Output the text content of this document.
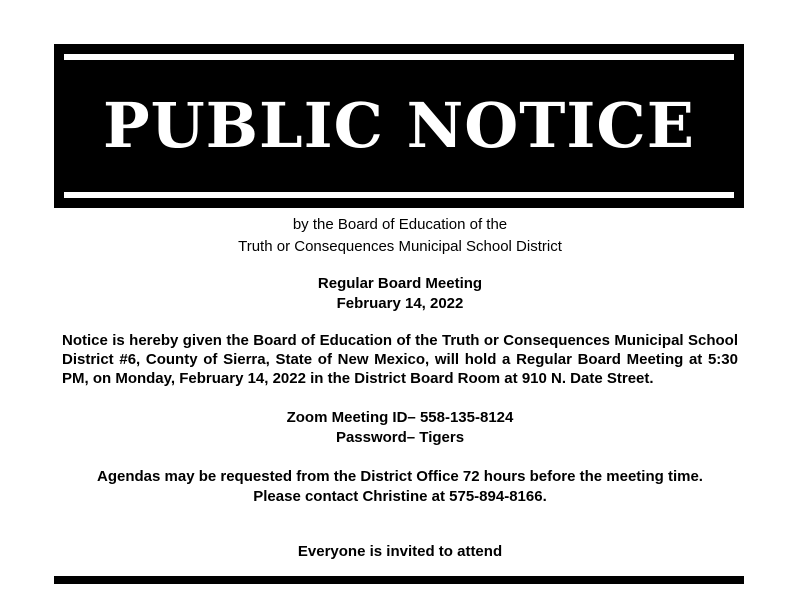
PUBLIC NOTICE
by the Board of Education of the
Truth or Consequences Municipal School District
Regular Board Meeting
February 14, 2022
Notice is hereby given the Board of Education of the Truth or Consequences Municipal School District #6, County of Sierra, State of New Mexico, will hold a Regular Board Meeting at 5:30 PM, on Monday, February 14, 2022 in the District Board Room at 910 N. Date Street.
Zoom Meeting ID– 558-135-8124
Password– Tigers
Agendas may be requested from the District Office 72 hours before the meeting time.
Please contact Christine at 575-894-8166.
Everyone is invited to attend
